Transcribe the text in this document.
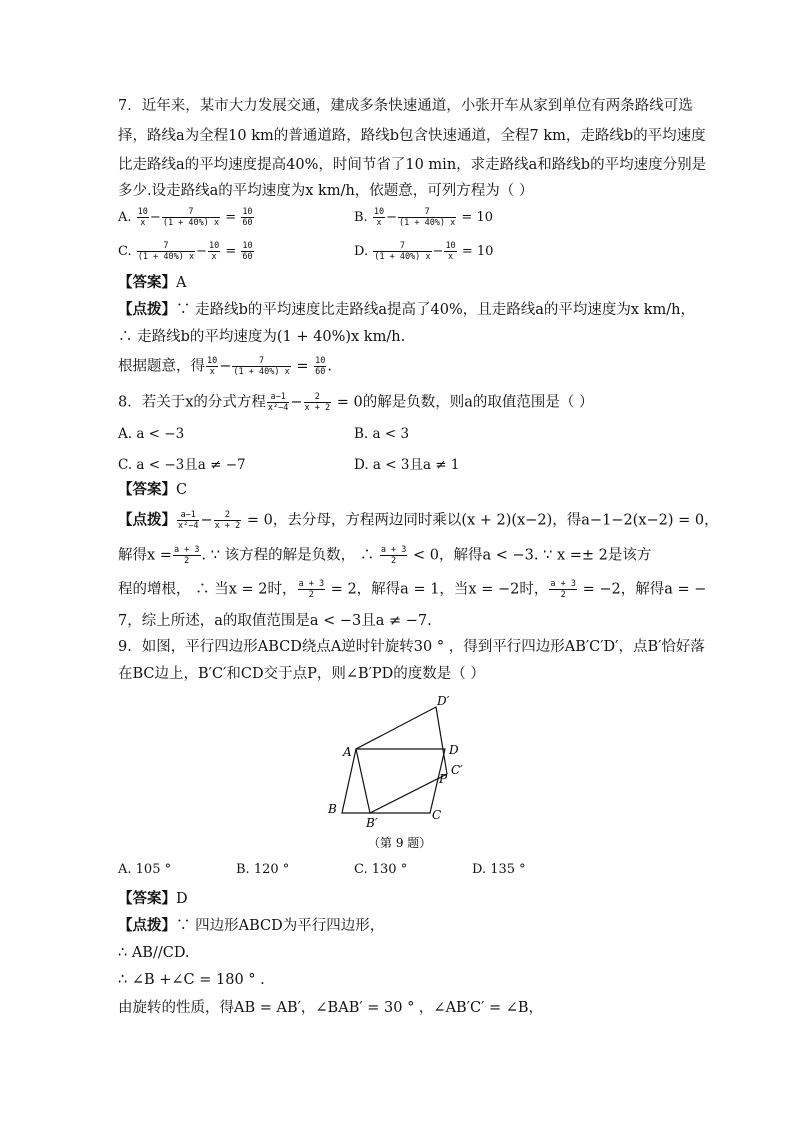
7．近年来，某市大力发展交通，建成多条快速通道，小张开车从家到单位有两条路线可选
择，路线a为全程10 km的普通道路，路线b包含快速通道，全程7 km，走路线b的平均速度
比走路线a的平均速度提高40%，时间节省了10 min，求走路线a和路线b的平均速度分别是
多少.设走路线a的平均速度为x km/h，依题意，可列方程为（ ）
A. $\frac{10}{x} - \frac{7}{(1 + 40\%) x} = \frac{10}{60}$	B. $\frac{10}{x} - \frac{7}{(1 + 40\%) x} = 10$
C. $\frac{7}{(1 + 40\%) x} - \frac{10}{x} = \frac{10}{60}$	D. $\frac{7}{(1 + 40\%) x} - \frac{10}{x} = 10$
【答案】A
【点拨】∵ 走路线b的平均速度比走路线a提高了40%，且走路线a的平均速度为x km/h，
∴ 走路线b的平均速度为(1 + 40%)x km/h.
根据题意，得 $\frac{10}{x} - \frac{7}{(1 + 40\%) x} = \frac{10}{60}$ .
8．若关于x的分式方程 $\frac{a-1}{\text{x²−4}} - \frac{2}{x + 2} = 0$的解是负数，则a的取值范围是（ ）
A. a < −3	B. a < 3
C. a < −3且a ≠ −7	D. a < 3且a ≠ 1
【答案】C
【点拨】 $\frac{a-1}{\text{x²−4}} - \frac{2}{x + 2} = 0$，去分母，方程两边同时乘以(x + 2)(x−2)，得a−1−2(x−2) = 0，
解得$x = \frac{a + 3}{2}$ . ∵ 该方程的解是负数， ∴ $\frac{a + 3}{2} < 0$，解得a < −3. ∵ x =± 2是该方
程的增根， ∴ 当x = 2时， $\frac{a + 3}{2} = 2$，解得a = 1，当x = −2时， $\frac{a + 3}{2} = -2$，解得a = −
7，综上所述，a的取值范围是a < −3且a ≠ −7.
9．如图，平行四边形ABCD绕点A逆时针旋转30 ° ，得到平行四边形AB′C′D′，点B′恰好落
在BC边上，B′C′和CD交于点P，则∠B′PD的度数是（ ）
D′
A	D
C′
P
B
B′
C
（第 9 题）
A. 105 °	B. 120 °	C. 130 °	D. 135 °
【答案】D
【点拨】∵ 四边形ABCD为平行四边形，
∴ AB//CD.
∴ ∠B +∠C = 180 ° .
由旋转的性质，得AB = AB′，∠BAB′ = 30 ° ，∠AB′C′ = ∠B，
